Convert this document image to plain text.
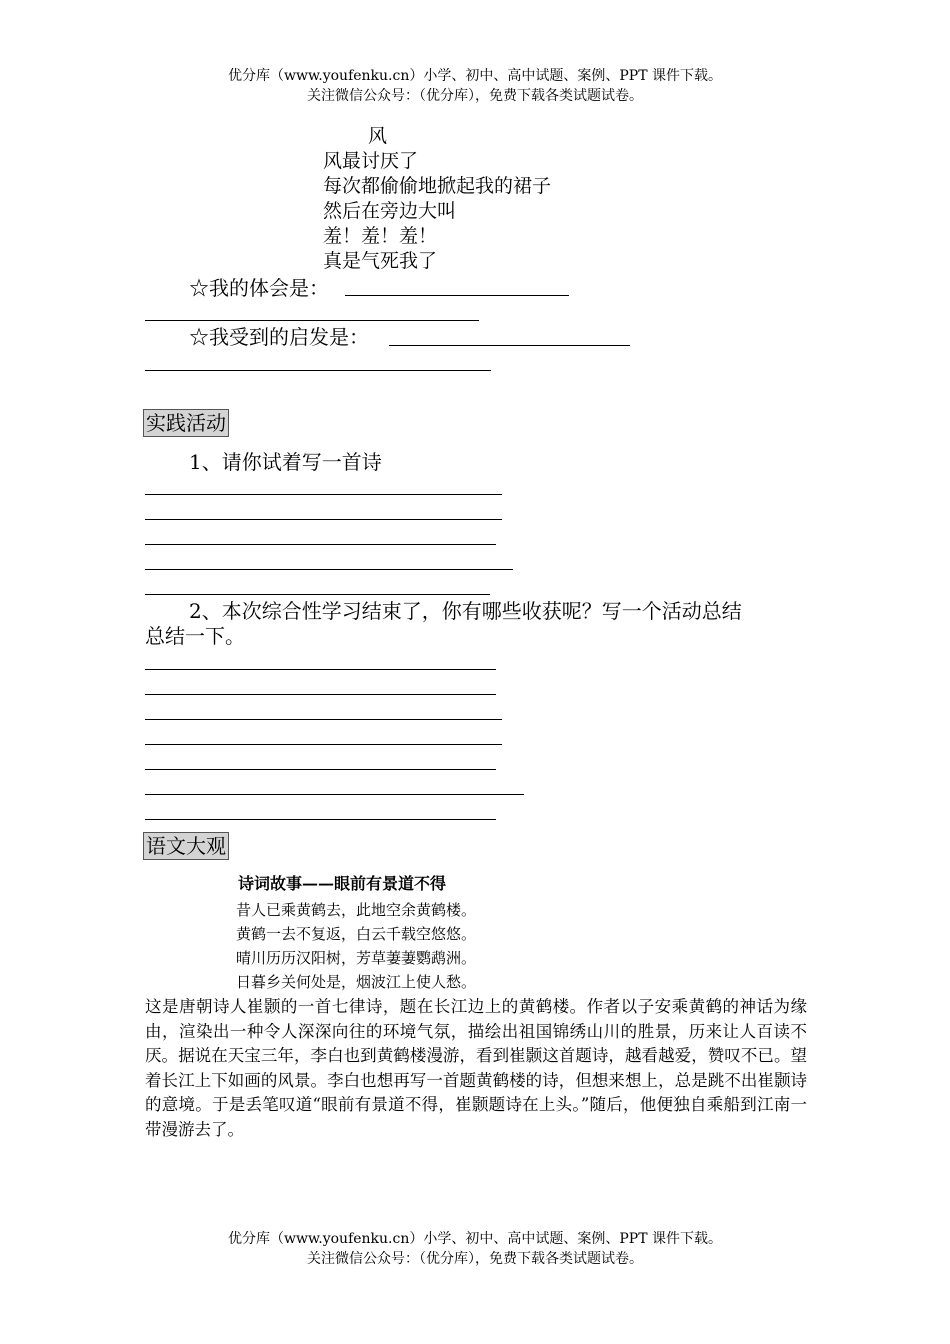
优分库（www.youfenku.cn）小学、初中、高中试题、案例、PPT 课件下载。
关注微信公众号：（优分库），免费下载各类试题试卷。
风
风最讨厌了
每次都偷偷地掀起我的裙子
然后在旁边大叫
羞！羞！羞！
真是气死我了
☆我的体会是：
☆我受到的启发是：
实践活动
1、请你试着写一首诗
2、本次综合性学习结束了，你有哪些收获呢？写一个活动总结
总结一下。
语文大观
诗词故事——眼前有景道不得
昔人已乘黄鹤去，此地空余黄鹤楼。
黄鹤一去不复返，白云千载空悠悠。
晴川历历汉阳树，芳草萋萋鹦鹉洲。
日暮乡关何处是，烟波江上使人愁。
这是唐朝诗人崔颢的一首七律诗，题在长江边上的黄鹤楼。作者以子安乘黄鹤的神话为缘由，渲染出一种令人深深向往的环境气氛，描绘出祖国锦绣山川的胜景，历来让人百读不厌。据说在天宝三年，李白也到黄鹤楼漫游，看到崔颢这首题诗，越看越爱，赞叹不已。望着长江上下如画的风景。李白也想再写一首题黄鹤楼的诗，但想来想上，总是跳不出崔颢诗的意境。于是丢笔叹道“眼前有景道不得，崔颢题诗在上头。”随后，他便独自乘船到江南一带漫游去了。
优分库（www.youfenku.cn）小学、初中、高中试题、案例、PPT 课件下载。
关注微信公众号：（优分库），免费下载各类试题试卷。
